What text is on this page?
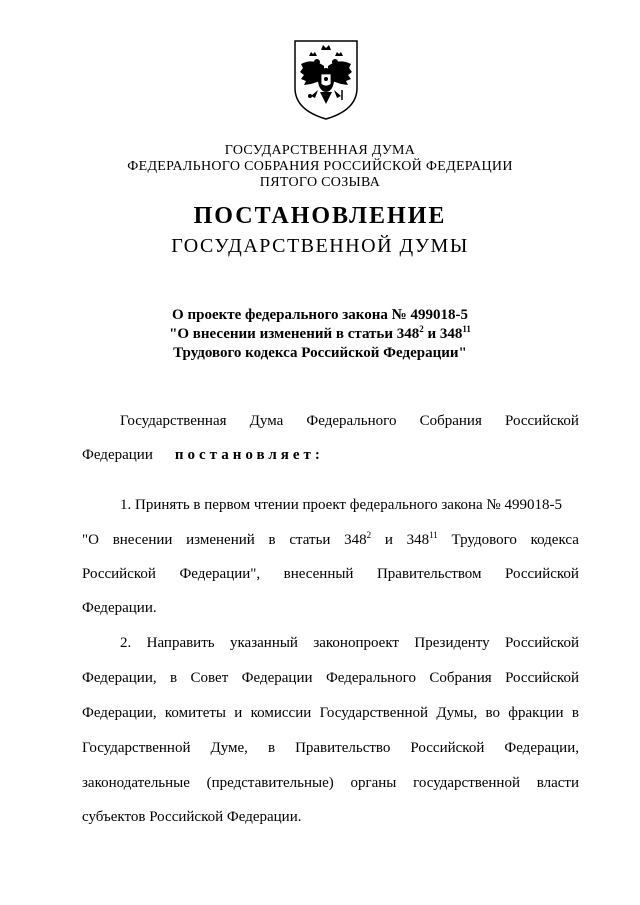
ГОСУДАРСТВЕННАЯ ДУМА
ФЕДЕРАЛЬНОГО СОБРАНИЯ РОССИЙСКОЙ ФЕДЕРАЦИИ
ПЯТОГО СОЗЫВА
ПОСТАНОВЛЕНИЕ
ГОСУДАРСТВЕННОЙ ДУМЫ
О проекте федерального закона № 499018-5
"О внесении изменений в статьи $348^2$ и $348^{11}$
Трудового кодекса Российской Федерации"
Государственная Дума Федерального Собрания Российской
Федерации постановляет:
1. Принять в первом чтении проект федерального закона № 499018-5
"О внесении изменений в статьи $348^2$ и $348^{11}$ Трудового кодекса
Российской Федерации", внесенный Правительством Российской
Федерации.
2. Направить указанный законопроект Президенту Российской
Федерации, в Совет Федерации Федерального Собрания Российской
Федерации, комитеты и комиссии Государственной Думы, во фракции в
Государственной Думе, в Правительство Российской Федерации,
законодательные (представительные) органы государственной власти
субъектов Российской Федерации.
